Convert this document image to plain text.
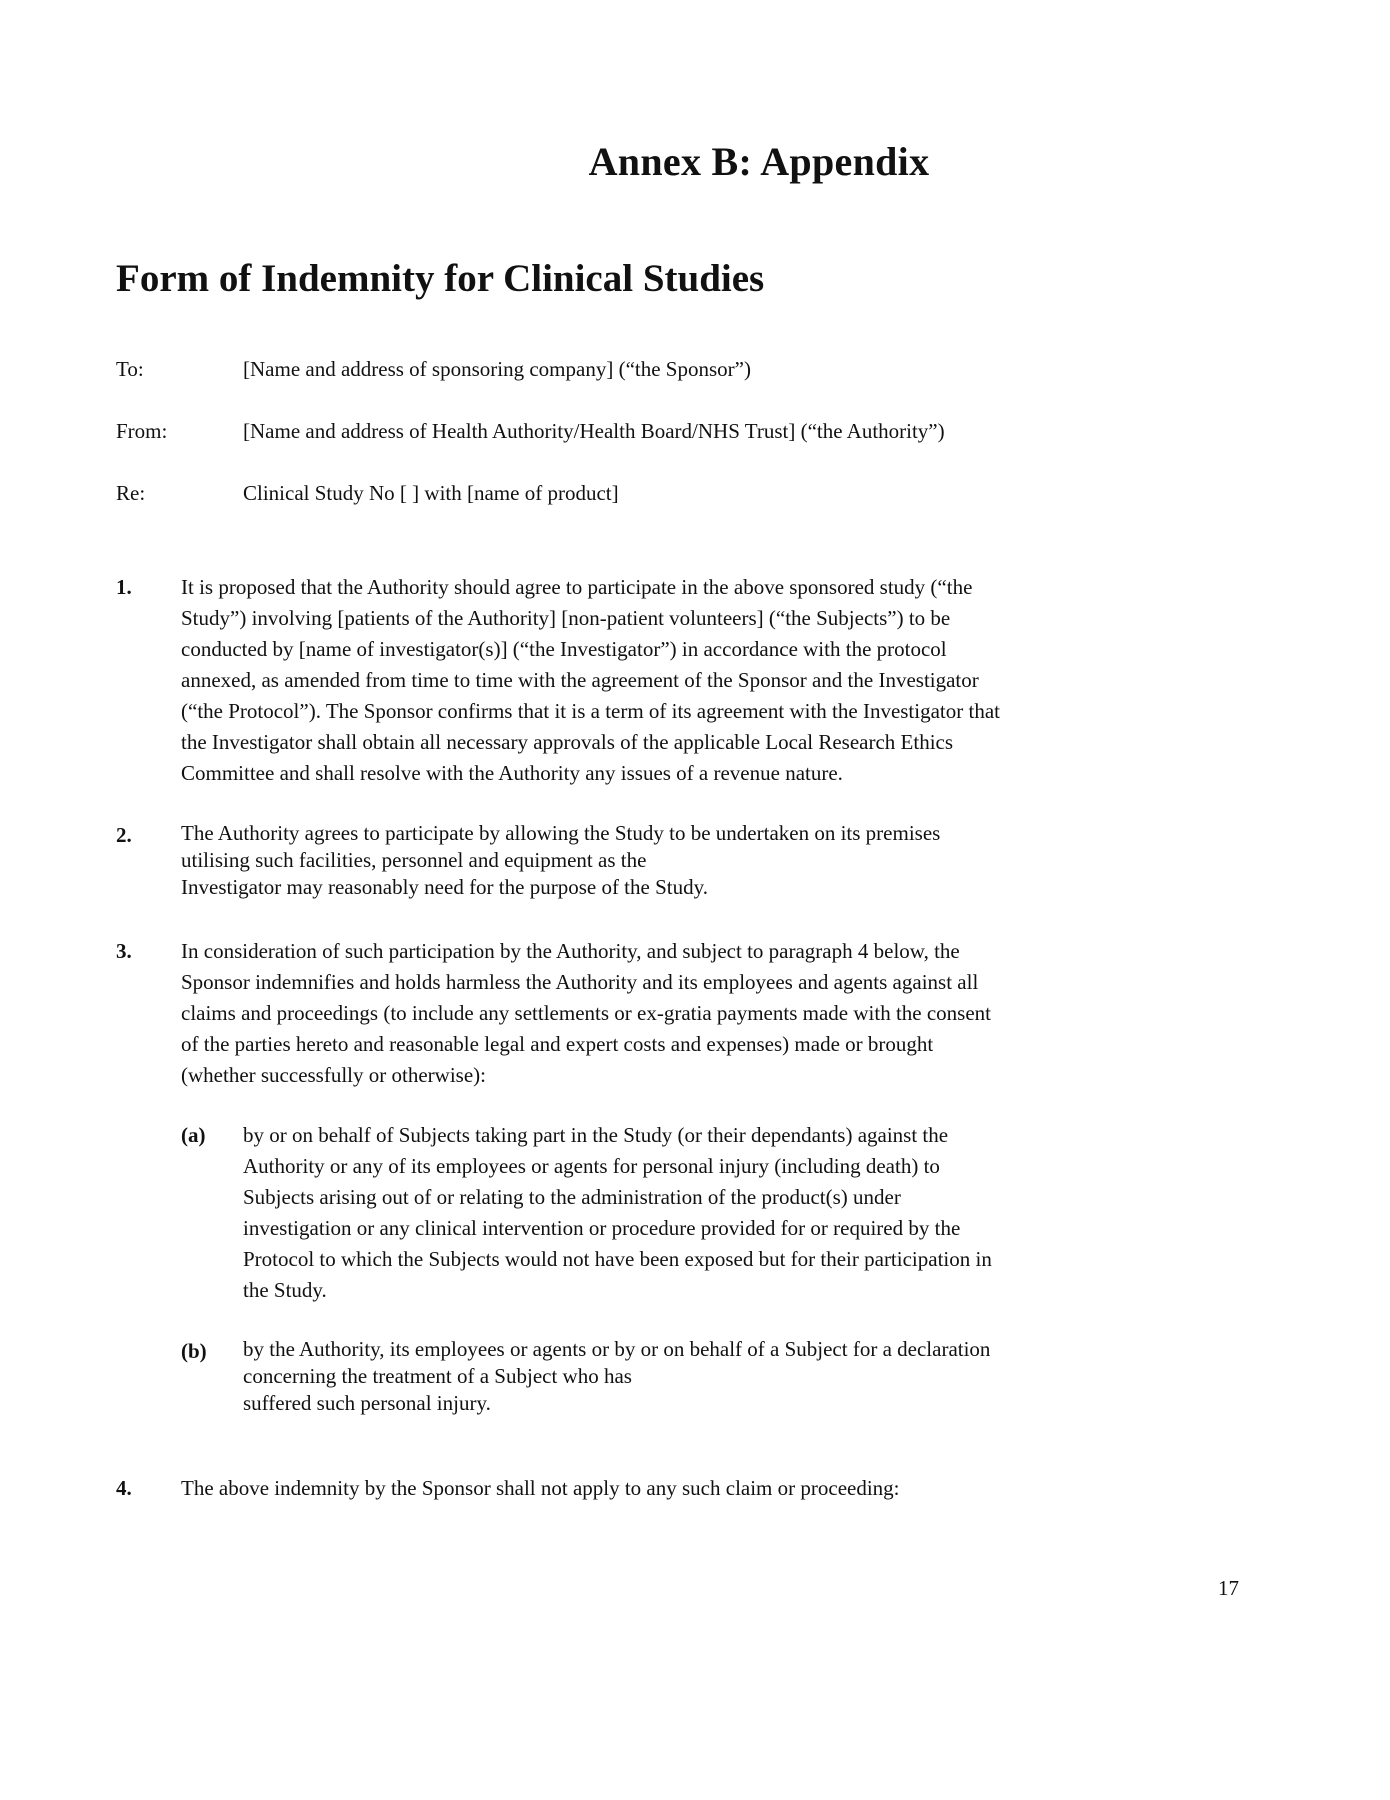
Annex B: Appendix
Form of Indemnity for Clinical Studies
To:	[Name and address of sponsoring company] (“the Sponsor”)
From:	[Name and address of Health Authority/Health Board/NHS Trust] (“the Authority”)
Re:	Clinical Study No [ ] with [name of product]
1. It is proposed that the Authority should agree to participate in the above sponsored study (“the
Study”) involving [patients of the Authority] [non-patient volunteers] (“the Subjects”) to be
conducted by [name of investigator(s)] (“the Investigator”) in accordance with the protocol
annexed, as amended from time to time with the agreement of the Sponsor and the Investigator
(“the Protocol”). The Sponsor confirms that it is a term of its agreement with the Investigator that
the Investigator shall obtain all necessary approvals of the applicable Local Research Ethics
Committee and shall resolve with the Authority any issues of a revenue nature.
2. The Authority agrees to participate by allowing the Study to be undertaken on its premises
utilising such facilities, personnel and equipment as the
Investigator may reasonably need for the purpose of the Study.
3. In consideration of such participation by the Authority, and subject to paragraph 4 below, the
Sponsor indemnifies and holds harmless the Authority and its employees and agents against all
claims and proceedings (to include any settlements or ex-gratia payments made with the consent
of the parties hereto and reasonable legal and expert costs and expenses) made or brought
(whether successfully or otherwise):
(a) by or on behalf of Subjects taking part in the Study (or their dependants) against the
Authority or any of its employees or agents for personal injury (including death) to
Subjects arising out of or relating to the administration of the product(s) under
investigation or any clinical intervention or procedure provided for or required by the
Protocol to which the Subjects would not have been exposed but for their participation in
the Study.
(b) by the Authority, its employees or agents or by or on behalf of a Subject for a declaration
concerning the treatment of a Subject who has
suffered such personal injury.
4. The above indemnity by the Sponsor shall not apply to any such claim or proceeding:
17
